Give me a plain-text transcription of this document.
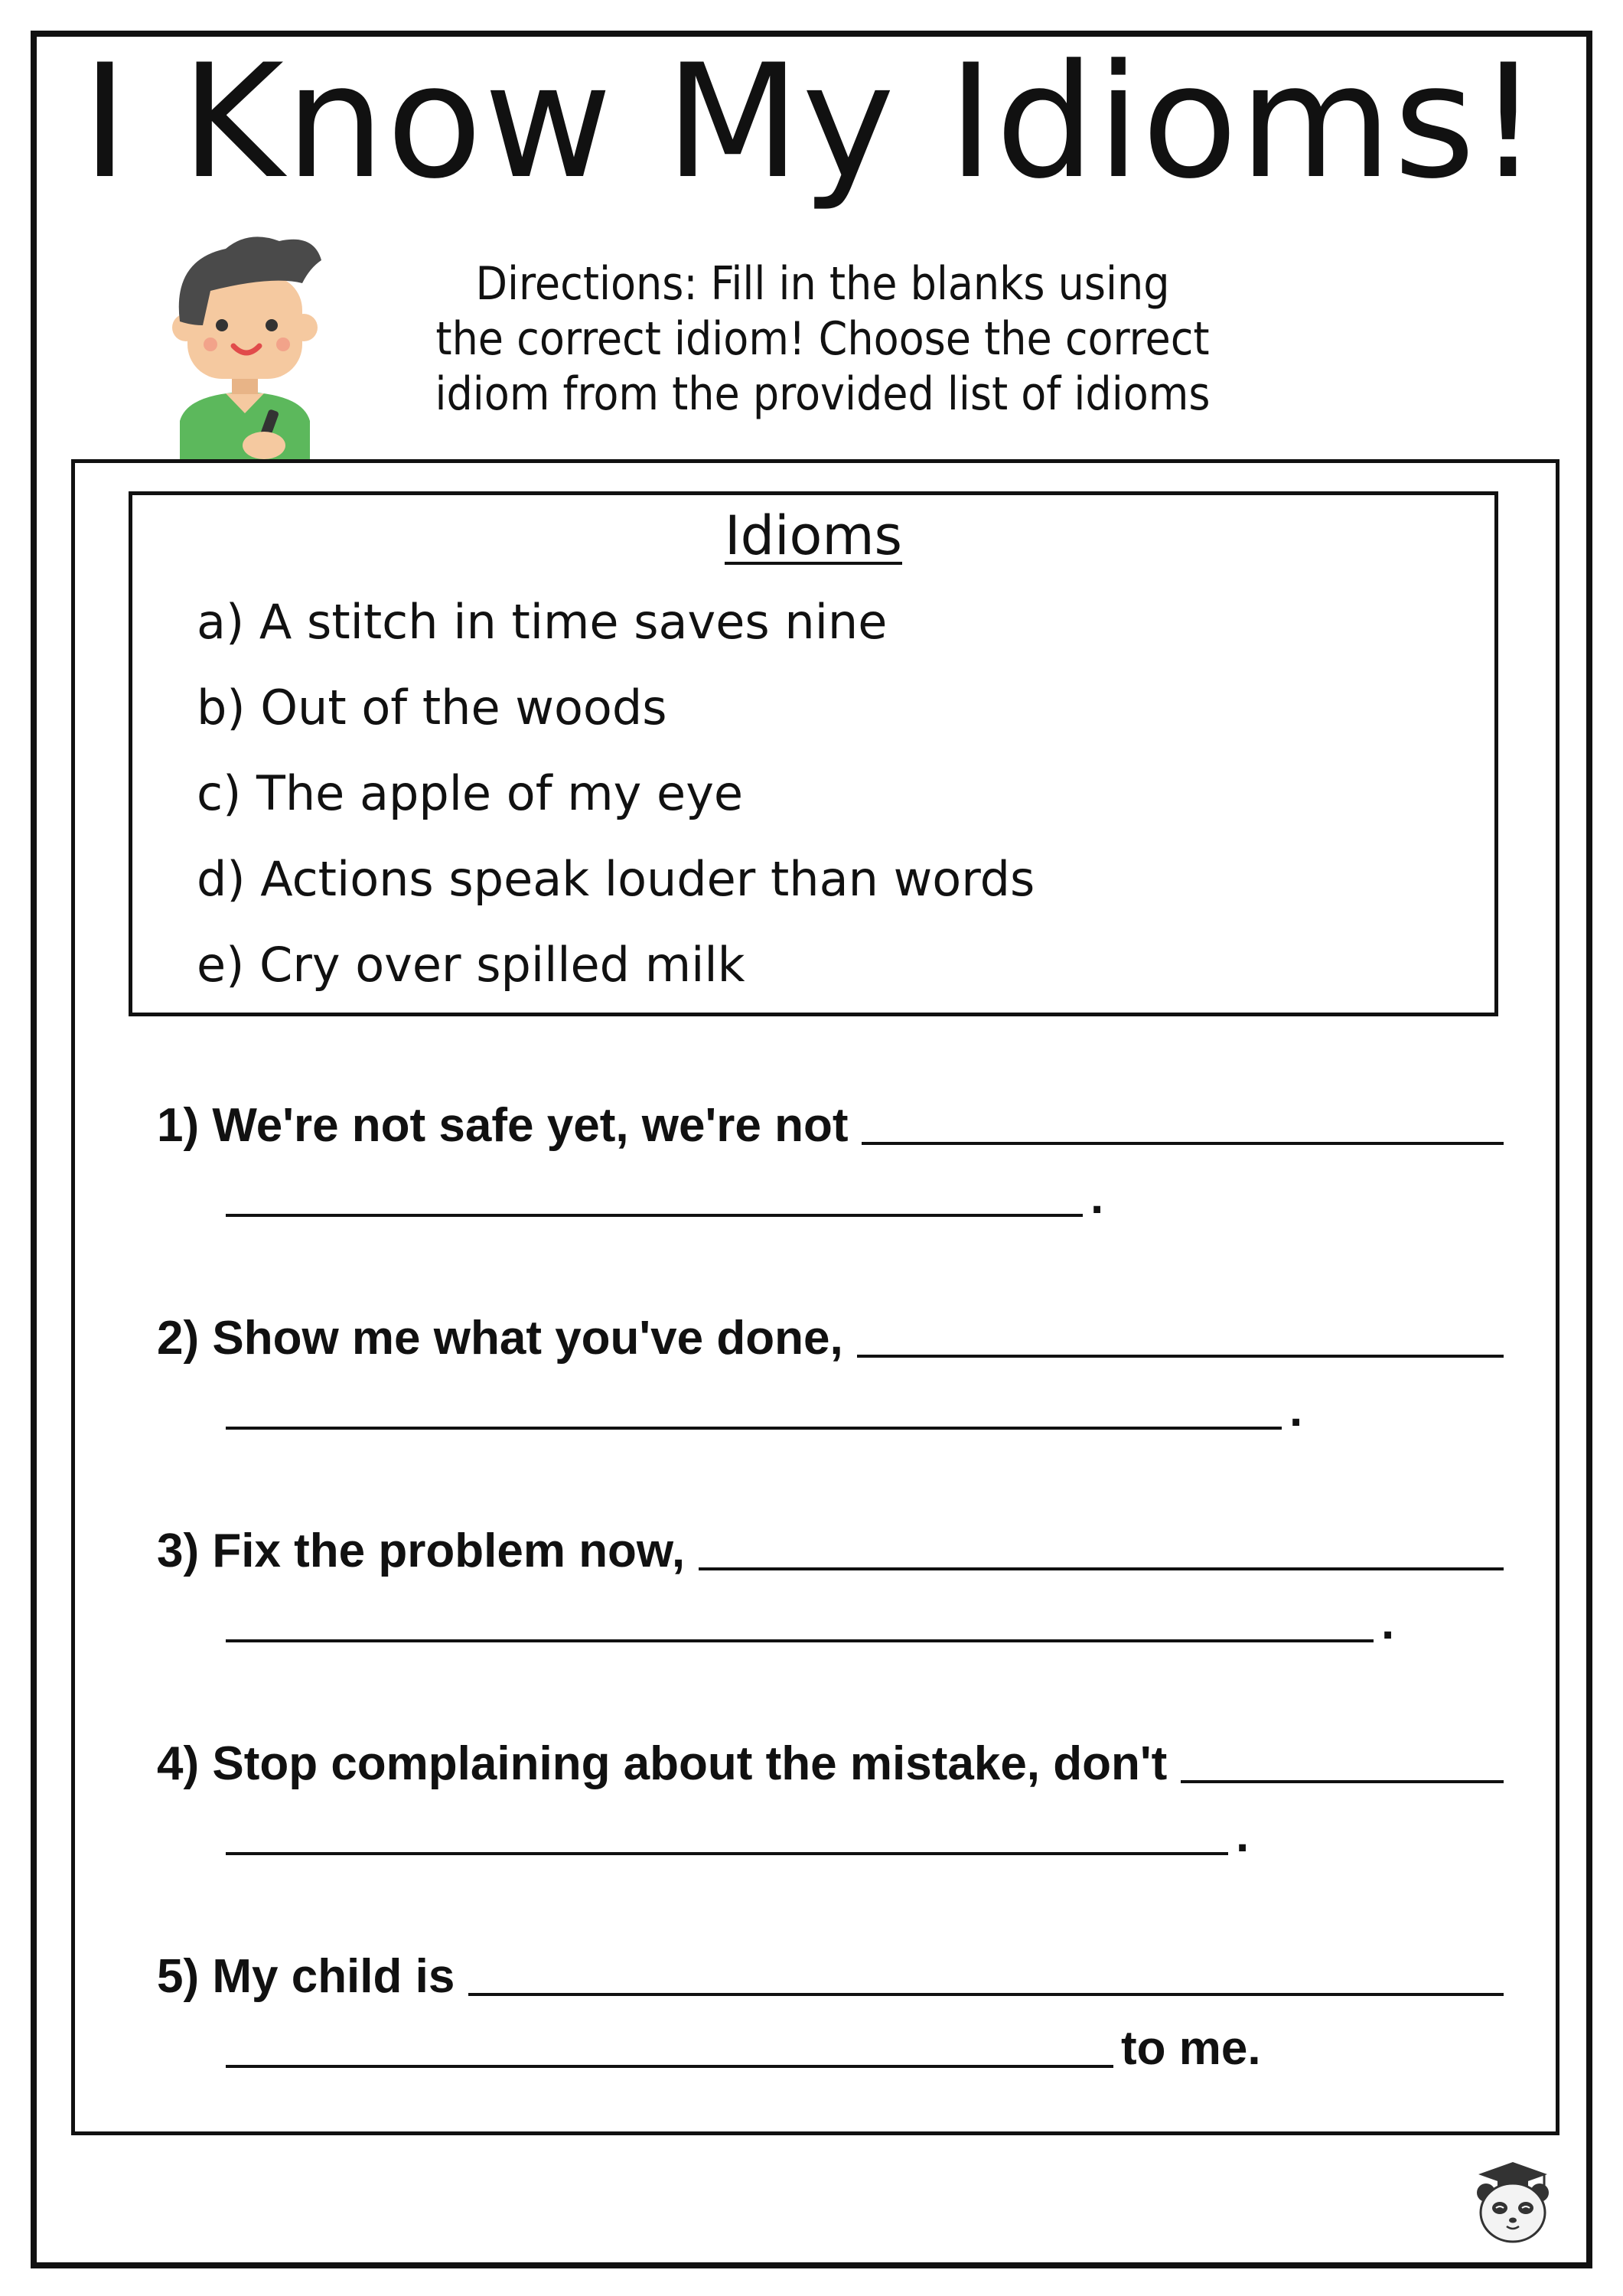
I Know My Idioms!
Directions: Fill in the blanks using
the correct idiom! Choose the correct
idiom from the provided list of idioms
Idioms
a) A stitch in time saves nine
b) Out of the woods
c) The apple of my eye
d) Actions speak louder than words
e) Cry over spilled milk
1) We're not safe yet, we're not
.
2) Show me what you've done,
.
3) Fix the problem now,
.
4) Stop complaining about the mistake, don't
.
5) My child is
to me.
